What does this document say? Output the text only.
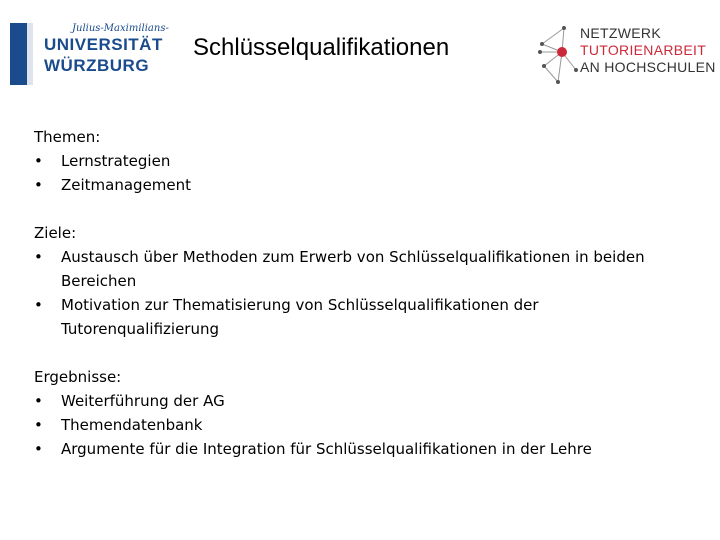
Julius-Maximilians-
UNIVERSITÄT
WÜRZBURG
Schlüsselqualifikationen
NETZWERK
TUTORIENARBEIT
AN HOCHSCHULEN
Themen:
• Lernstrategien
• Zeitmanagement
Ziele:
• Austausch über Methoden zum Erwerb von Schlüsselqualifikationen in beiden Bereichen
• Motivation zur Thematisierung von Schlüsselqualifikationen der Tutorenqualifizierung
Ergebnisse:
• Weiterführung der AG
• Themendatenbank
• Argumente für die Integration für Schlüsselqualifikationen in der Lehre
